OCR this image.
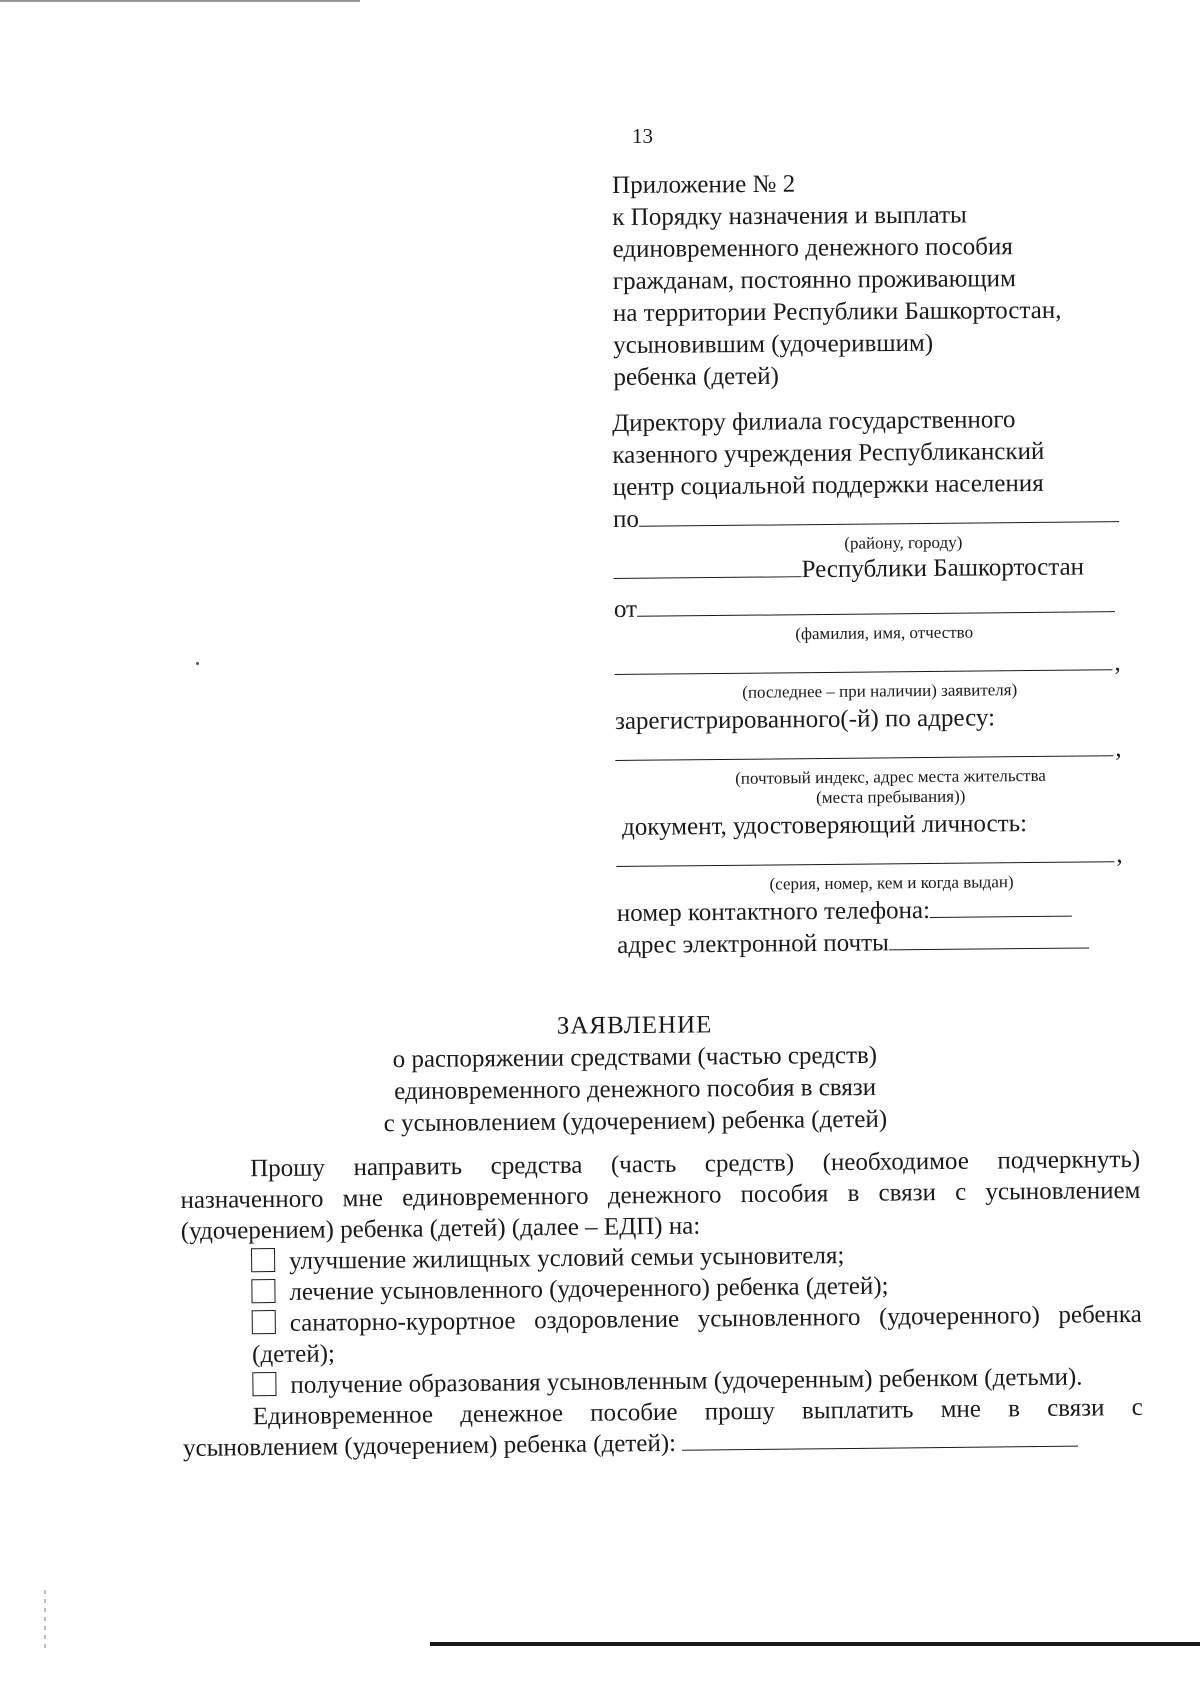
13
Приложение № 2
к Порядку назначения и выплаты
единовременного денежного пособия
гражданам, постоянно проживающим
на территории Республики Башкортостан,
усыновившим (удочерившим)
ребенка (детей)
Директору филиала государственного
казенного учреждения Республиканский
центр социальной поддержки населения
по
(району, городу)
Республики Башкортостан
от
(фамилия, имя, отчество
,
(последнее – при наличии) заявителя)
зарегистрированного(-й) по адресу:
,
(почтовый индекс, адрес места жительства
(места пребывания))
документ, удостоверяющий личность:
,
(серия, номер, кем и когда выдан)
номер контактного телефона:
адрес электронной почты
ЗАЯВЛЕНИЕ
о распоряжении средствами (частью средств)
единовременного денежного пособия в связи
с усыновлением (удочерением) ребенка (детей)
Прошу направить средства (часть средств) (необходимое подчеркнуть) назначенного мне единовременного денежного пособия в связи с усыновлением (удочерением) ребенка (детей) (далее – ЕДП) на:
улучшение жилищных условий семьи усыновителя;
лечение усыновленного (удочеренного) ребенка (детей);
санаторно-курортное оздоровление усыновленного (удочеренного) ребенка (детей);
получение образования усыновленным (удочеренным) ребенком (детьми).
Единовременное денежное пособие прошу выплатить мне в связи с
усыновлением (удочерением) ребенка (детей):
